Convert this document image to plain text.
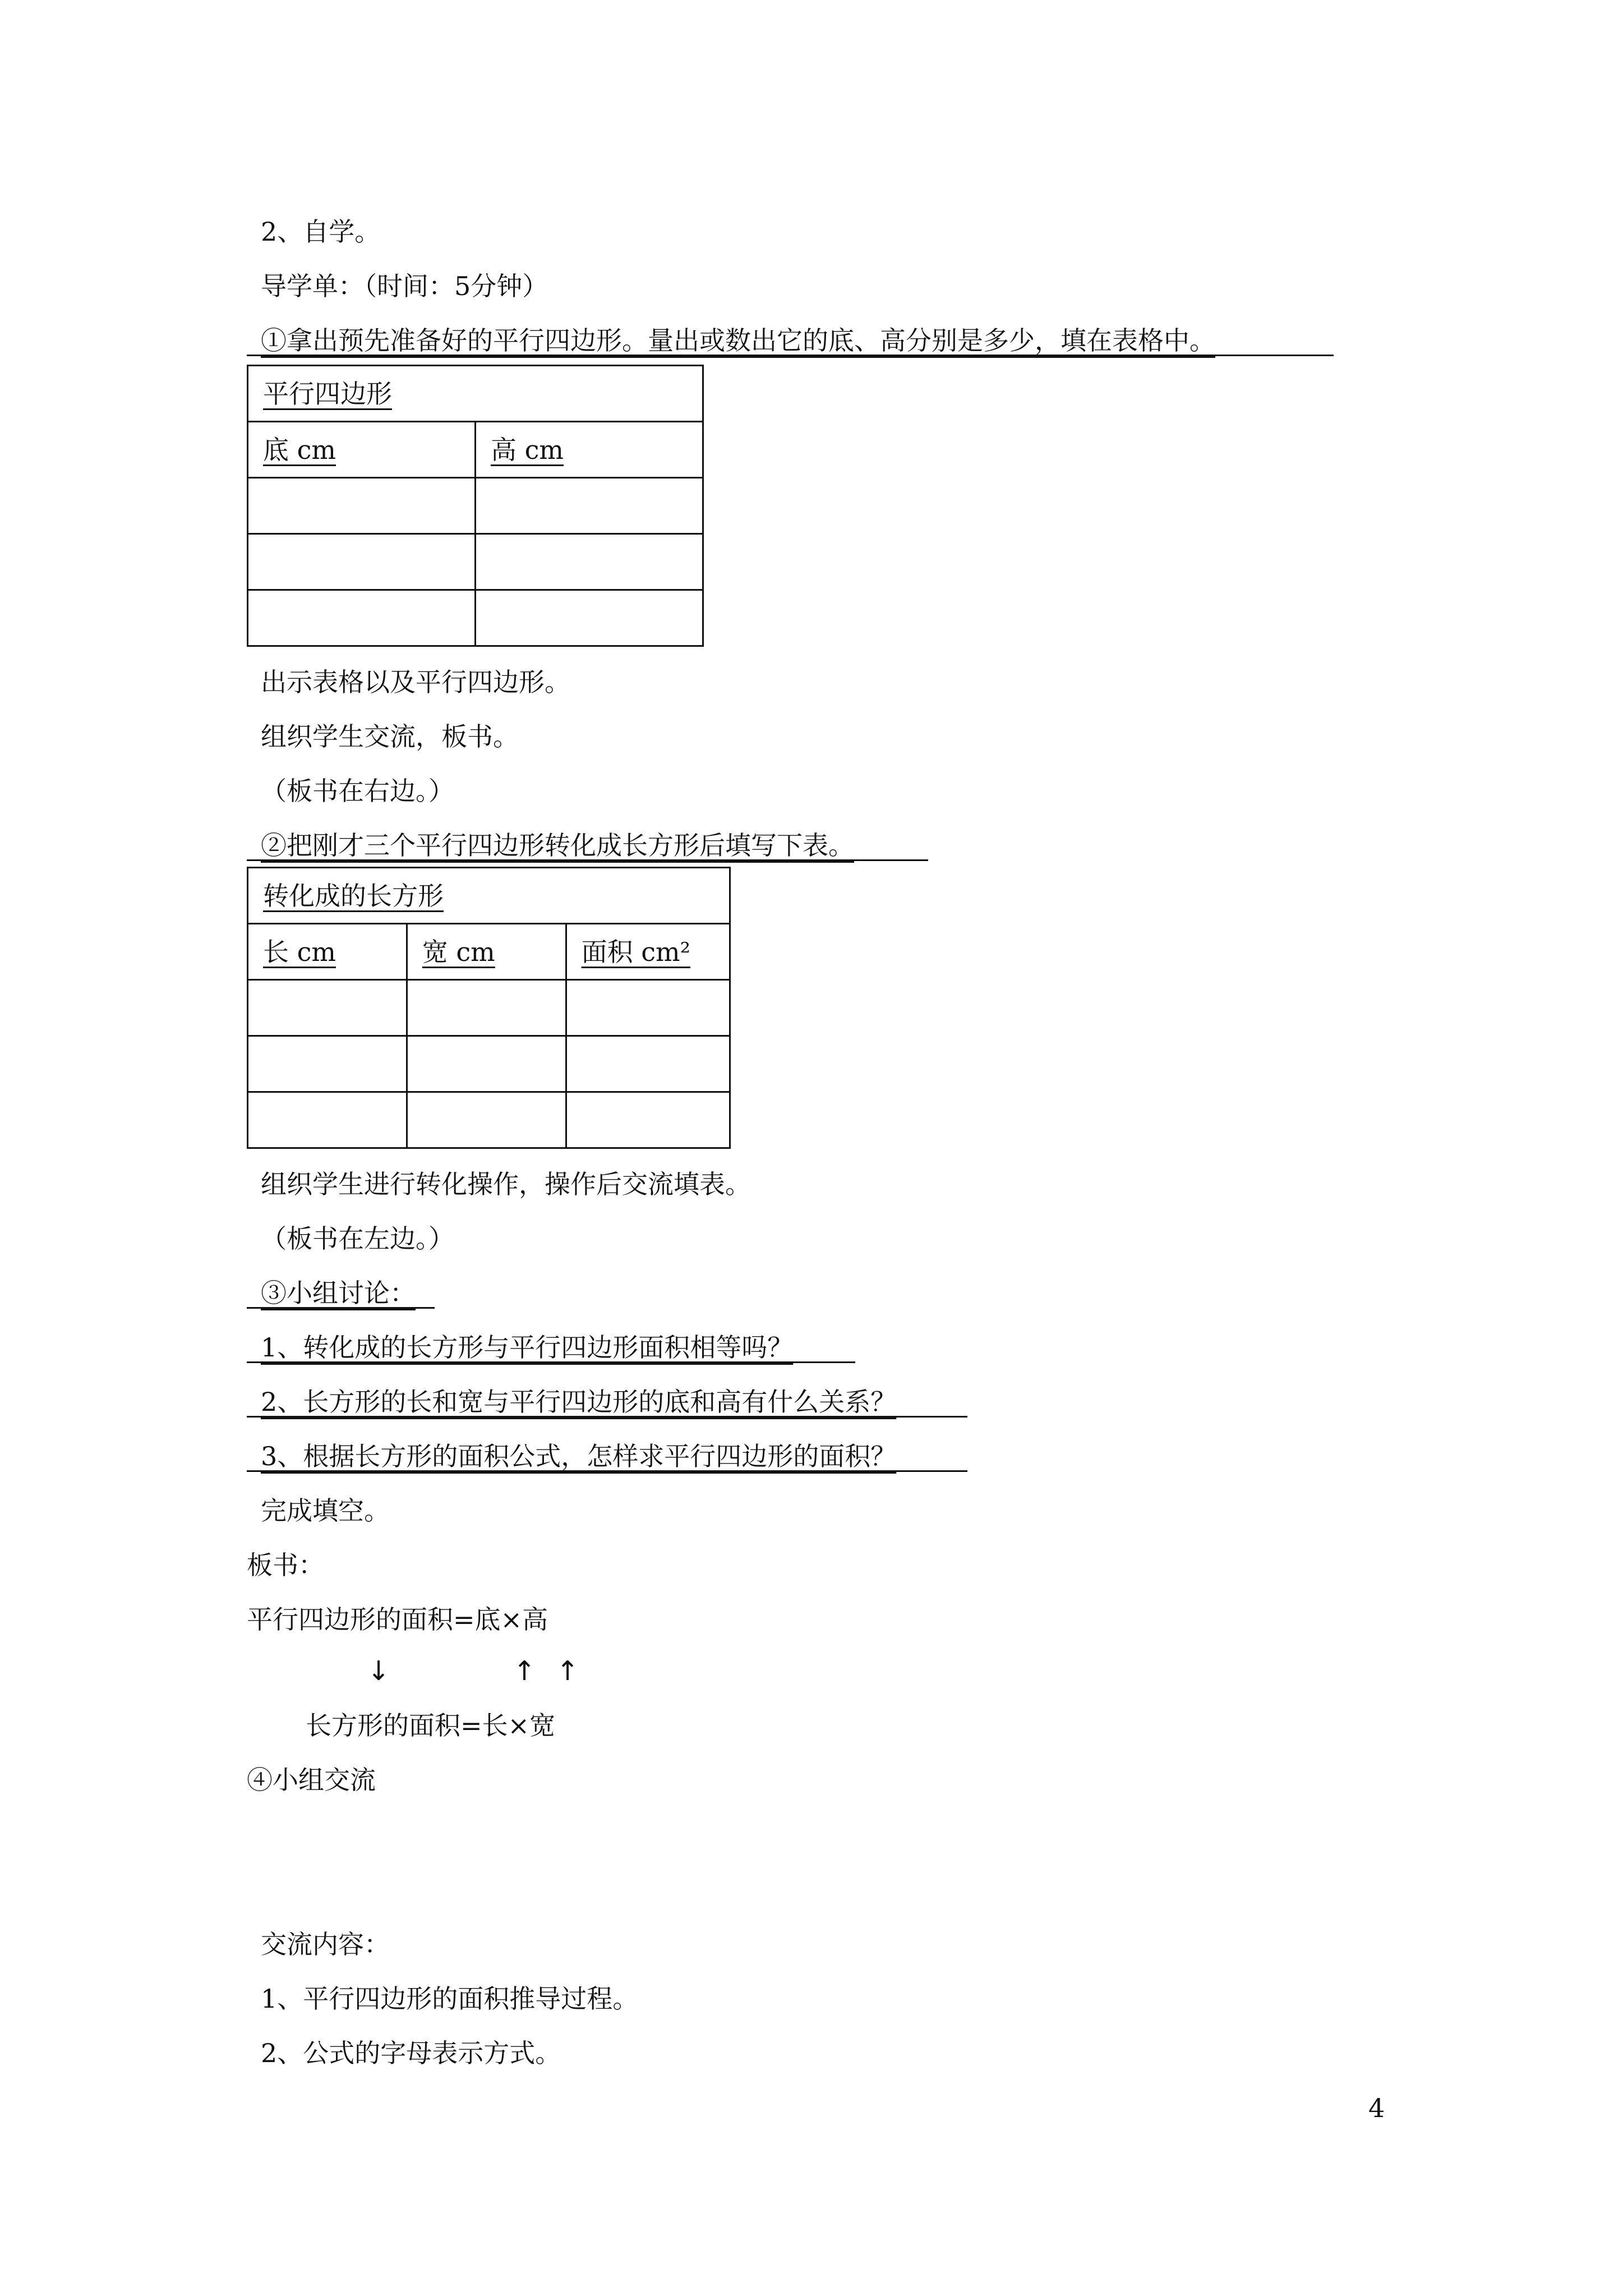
2、自学。
导学单：（时间：5分钟）
①拿出预先准备好的平行四边形。量出或数出它的底、高分别是多少，填在表格中。
平行四边形	
底 cm	高 cm

出示表格以及平行四边形。
组织学生交流，板书。
（板书在右边。）
②把刚才三个平行四边形转化成长方形后填写下表。
转化成的长方形		
长 cm	宽 cm	面积 cm²

组织学生进行转化操作，操作后交流填表。
（板书在左边。）
③小组讨论：
1、转化成的长方形与平行四边形面积相等吗？
2、长方形的长和宽与平行四边形的底和高有什么关系？
3、根据长方形的面积公式，怎样求平行四边形的面积？
完成填空。
板书：
平行四边形的面积=底×高
↓	↑ ↑
长方形的面积=长×宽
④小组交流
交流内容：
1、平行四边形的面积推导过程。
2、公式的字母表示方式。
4
